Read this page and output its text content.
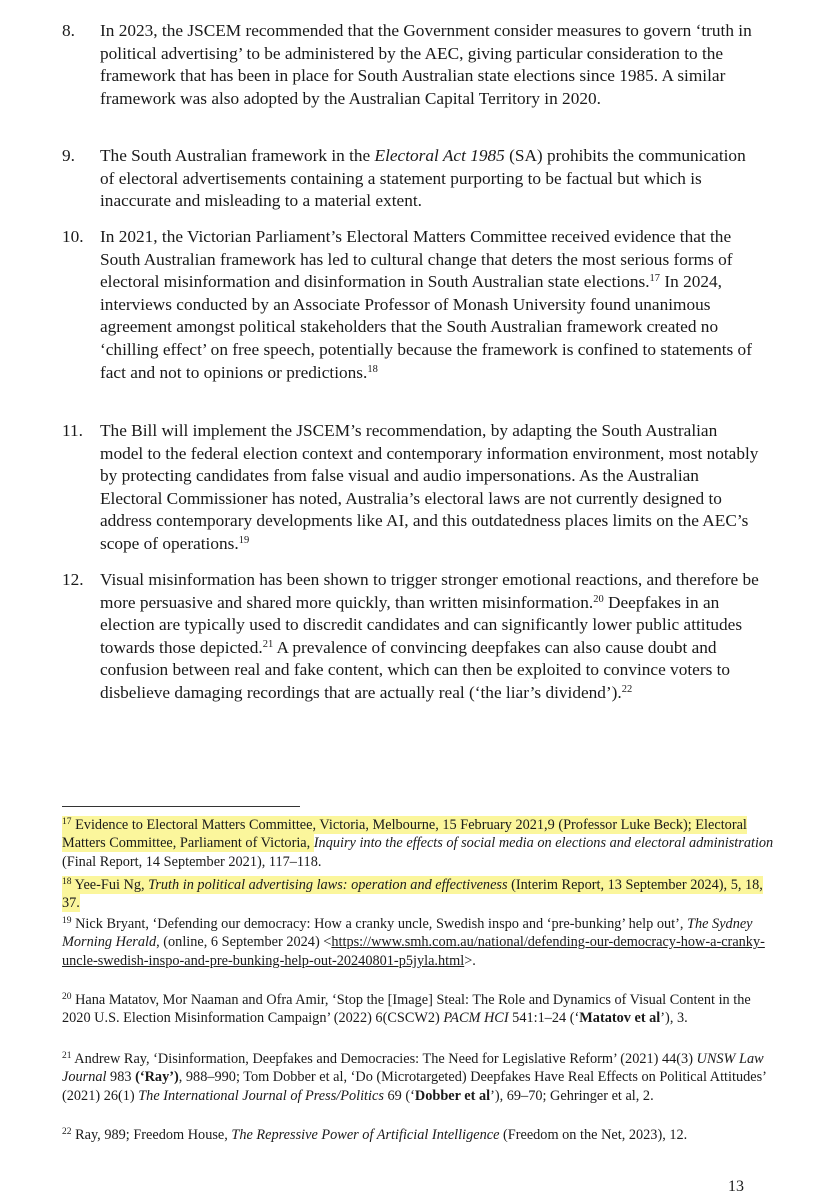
8. In 2023, the JSCEM recommended that the Government consider measures to govern ‘truth in political advertising’ to be administered by the AEC, giving particular consideration to the framework that has been in place for South Australian state elections since 1985. A similar framework was also adopted by the Australian Capital Territory in 2020.
9. The South Australian framework in the Electoral Act 1985 (SA) prohibits the communication of electoral advertisements containing a statement purporting to be factual but which is inaccurate and misleading to a material extent.
10. In 2021, the Victorian Parliament’s Electoral Matters Committee received evidence that the South Australian framework has led to cultural change that deters the most serious forms of electoral misinformation and disinformation in South Australian state elections.$^{17}$ In 2024, interviews conducted by an Associate Professor of Monash University found unanimous agreement amongst political stakeholders that the South Australian framework created no ‘chilling effect’ on free speech, potentially because the framework is confined to statements of fact and not to opinions or predictions.$^{18}$
11. The Bill will implement the JSCEM’s recommendation, by adapting the South Australian model to the federal election context and contemporary information environment, most notably by protecting candidates from false visual and audio impersonations. As the Australian Electoral Commissioner has noted, Australia’s electoral laws are not currently designed to address contemporary developments like AI, and this outdatedness places limits on the AEC’s scope of operations.$^{19}$
12. Visual misinformation has been shown to trigger stronger emotional reactions, and therefore be more persuasive and shared more quickly, than written misinformation.$^{20}$ Deepfakes in an election are typically used to discredit candidates and can significantly lower public attitudes towards those depicted.$^{21}$ A prevalence of convincing deepfakes can also cause doubt and confusion between real and fake content, which can then be exploited to convince voters to disbelieve damaging recordings that are actually real (‘the liar’s dividend’).$^{22}$
$^{17}$ Evidence to Electoral Matters Committee, Victoria, Melbourne, 15 February 2021,9 (Professor Luke Beck); Electoral Matters Committee, Parliament of Victoria, Inquiry into the effects of social media on elections and electoral administration (Final Report, 14 September 2021), 117–118.
$^{18}$ Yee-Fui Ng, Truth in political advertising laws: operation and effectiveness (Interim Report, 13 September 2024), 5, 18, 37.
$^{19}$ Nick Bryant, ‘Defending our democracy: How a cranky uncle, Swedish inspo and ‘pre-bunking’ help out’, The Sydney Morning Herald, (online, 6 September 2024) <https://www.smh.com.au/national/defending-our-democracy-how-a-cranky-uncle-swedish-inspo-and-pre-bunking-help-out-20240801-p5jyla.html>.
$^{20}$ Hana Matatov, Mor Naaman and Ofra Amir, ‘Stop the [Image] Steal: The Role and Dynamics of Visual Content in the 2020 U.S. Election Misinformation Campaign’ (2022) 6(CSCW2) PACM HCI 541:1–24 (‘Matatov et al’), 3.
$^{21}$ Andrew Ray, ‘Disinformation, Deepfakes and Democracies: The Need for Legislative Reform’ (2021) 44(3) UNSW Law Journal 983 (‘Ray’), 988–990; Tom Dobber et al, ‘Do (Microtargeted) Deepfakes Have Real Effects on Political Attitudes’ (2021) 26(1) The International Journal of Press/Politics 69 (‘Dobber et al’), 69–70; Gehringer et al, 2.
$^{22}$ Ray, 989; Freedom House, The Repressive Power of Artificial Intelligence (Freedom on the Net, 2023), 12.
13
